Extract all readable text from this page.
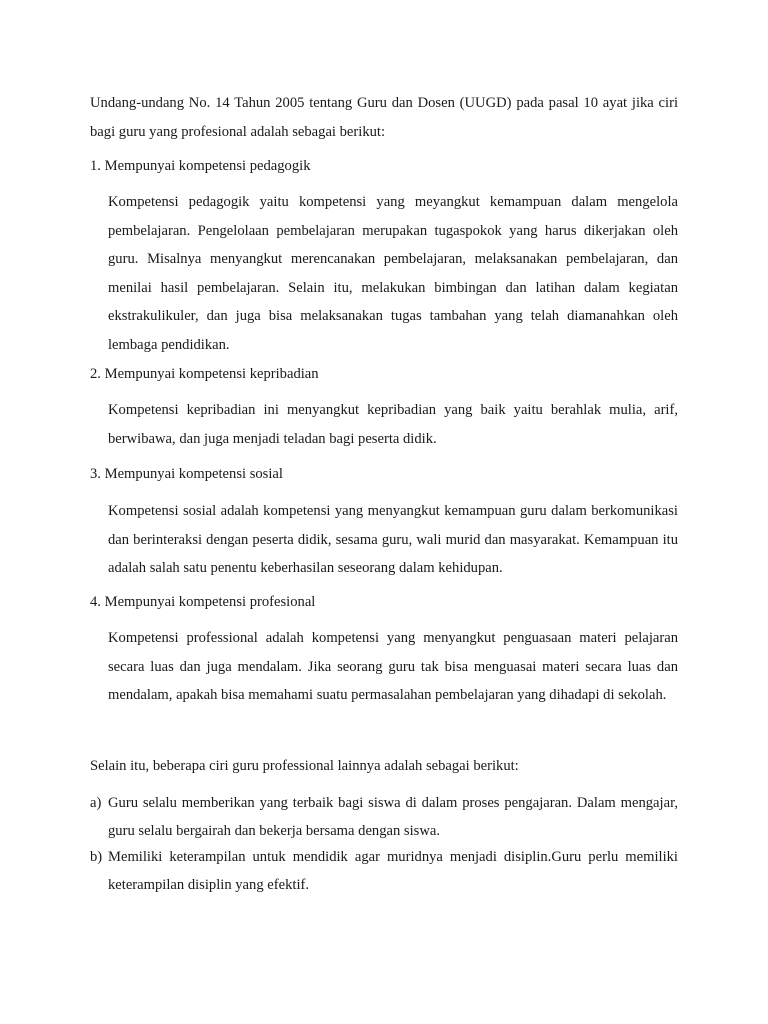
Undang-undang No. 14 Tahun 2005 tentang Guru dan Dosen (UUGD) pada pasal 10 ayat jika ciri bagi guru yang profesional adalah sebagai berikut:

1. Mempunyai kompetensi pedagogik

Kompetensi pedagogik yaitu kompetensi yang meyangkut kemampuan dalam mengelola pembelajaran. Pengelolaan pembelajaran merupakan tugaspokok yang harus dikerjakan oleh guru. Misalnya menyangkut merencanakan pembelajaran, melaksanakan pembelajaran, dan menilai hasil pembelajaran. Selain itu, melakukan bimbingan dan latihan dalam kegiatan ekstrakulikuler, dan juga bisa melaksanakan tugas tambahan yang telah diamanahkan oleh lembaga pendidikan.

2. Mempunyai kompetensi kepribadian

Kompetensi kepribadian ini menyangkut kepribadian yang baik yaitu berahlak mulia, arif, berwibawa, dan juga menjadi teladan bagi peserta didik.

3. Mempunyai kompetensi sosial

Kompetensi sosial adalah kompetensi yang menyangkut kemampuan guru dalam berkomunikasi dan berinteraksi dengan peserta didik, sesama guru, wali murid dan masyarakat. Kemampuan itu adalah salah satu penentu keberhasilan seseorang dalam kehidupan.

4. Mempunyai kompetensi profesional

Kompetensi professional adalah kompetensi yang menyangkut penguasaan materi pelajaran secara luas dan juga mendalam. Jika seorang guru tak bisa menguasai materi secara luas dan mendalam, apakah bisa memahami suatu permasalahan pembelajaran yang dihadapi di sekolah.

Selain itu, beberapa ciri guru professional lainnya adalah sebagai berikut:

a) Guru selalu memberikan yang terbaik bagi siswa di dalam proses pengajaran. Dalam mengajar, guru selalu bergairah dan bekerja bersama dengan siswa.
b) Memiliki keterampilan untuk mendidik agar muridnya menjadi disiplin.Guru perlu memiliki keterampilan disiplin yang efektif.
